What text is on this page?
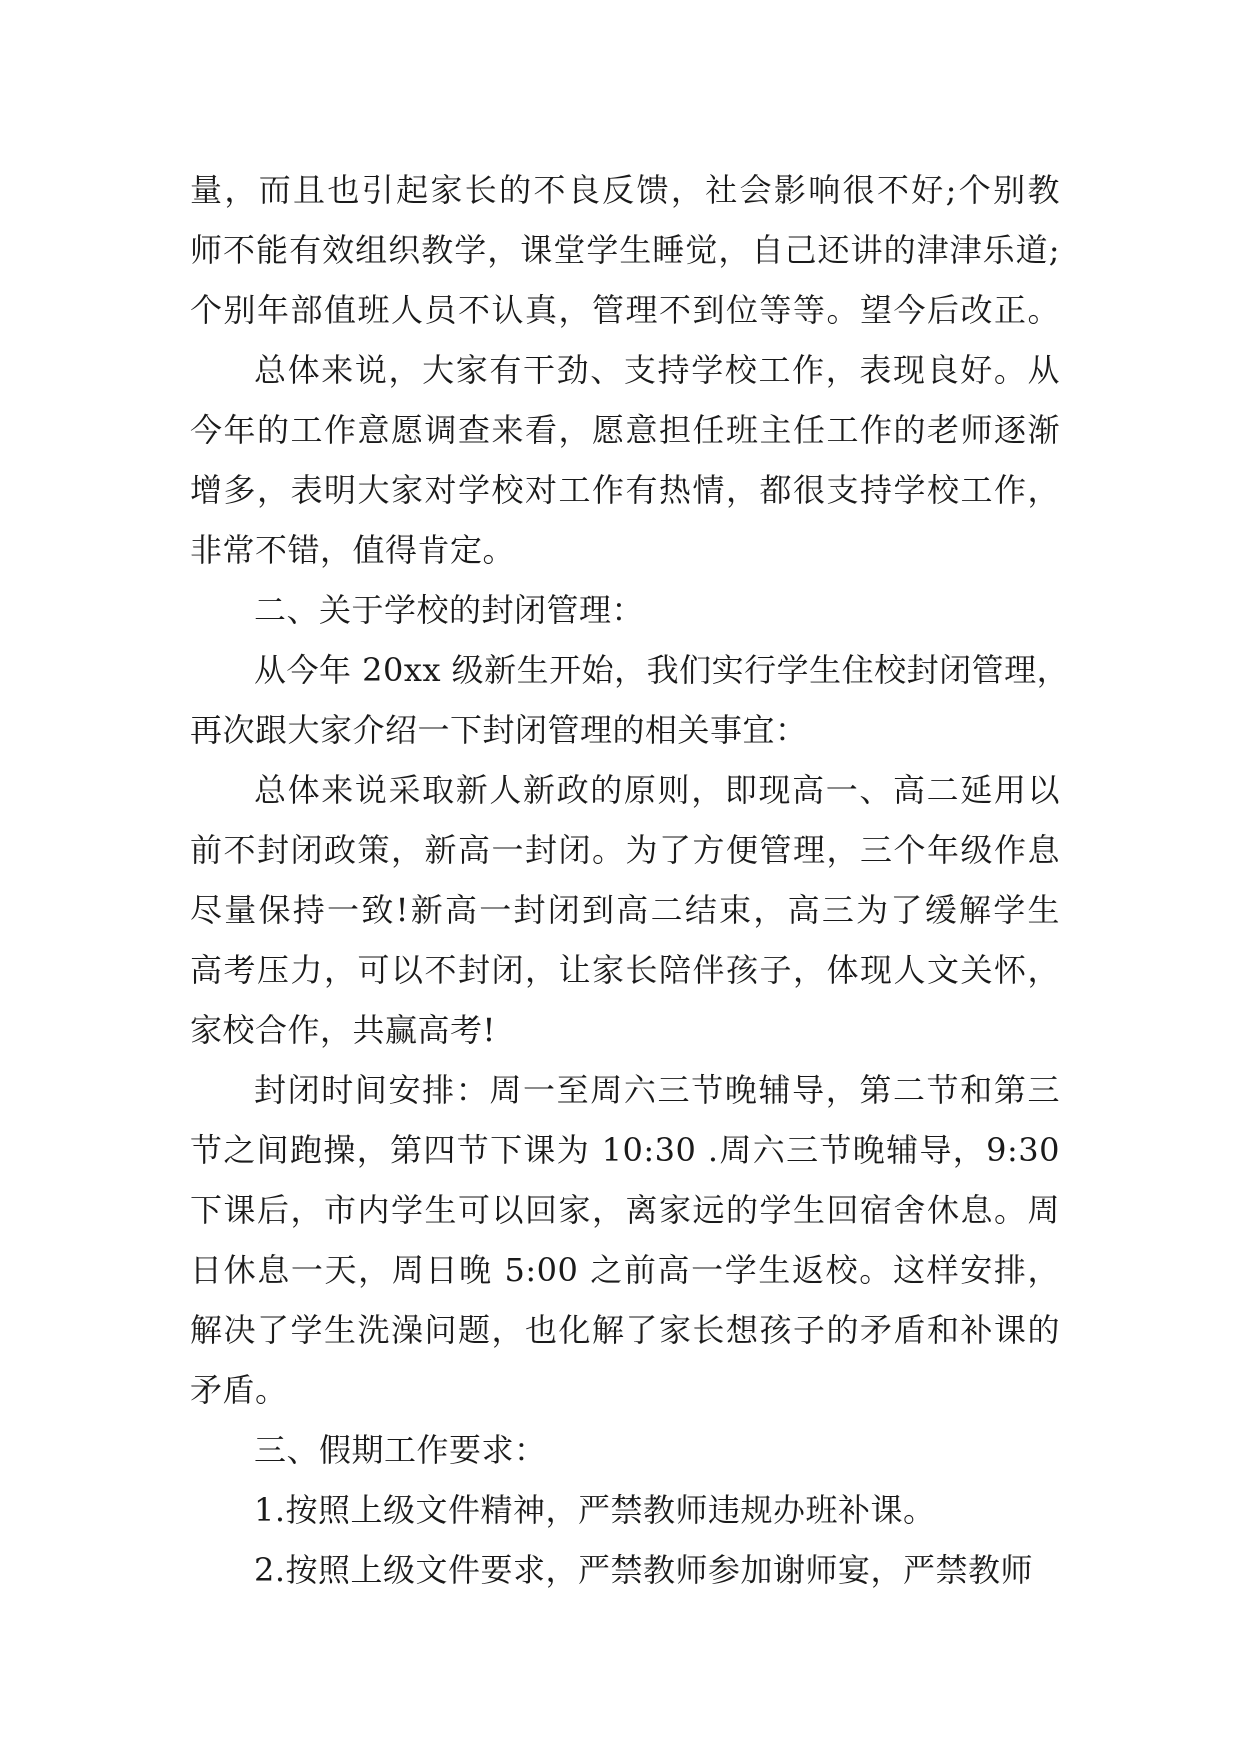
量，而且也引起家长的不良反馈，社会影响很不好;个别教
师不能有效组织教学，课堂学生睡觉，自己还讲的津津乐道;
个别年部值班人员不认真，管理不到位等等。望今后改正。
总体来说，大家有干劲、支持学校工作，表现良好。从
今年的工作意愿调查来看，愿意担任班主任工作的老师逐渐
增多，表明大家对学校对工作有热情，都很支持学校工作，
非常不错，值得肯定。
二、关于学校的封闭管理：
从今年 20xx 级新生开始，我们实行学生住校封闭管理，
再次跟大家介绍一下封闭管理的相关事宜：
总体来说采取新人新政的原则，即现高一、高二延用以
前不封闭政策，新高一封闭。为了方便管理，三个年级作息
尽量保持一致!新高一封闭到高二结束，高三为了缓解学生
高考压力，可以不封闭，让家长陪伴孩子，体现人文关怀，
家校合作，共赢高考!
封闭时间安排：周一至周六三节晚辅导，第二节和第三
节之间跑操，第四节下课为 10:30 .周六三节晚辅导，9:30
下课后，市内学生可以回家，离家远的学生回宿舍休息。周
日休息一天，周日晚 5:00 之前高一学生返校。这样安排，
解决了学生洗澡问题，也化解了家长想孩子的矛盾和补课的
矛盾。
三、假期工作要求：
1.按照上级文件精神，严禁教师违规办班补课。
2.按照上级文件要求，严禁教师参加谢师宴，严禁教师
